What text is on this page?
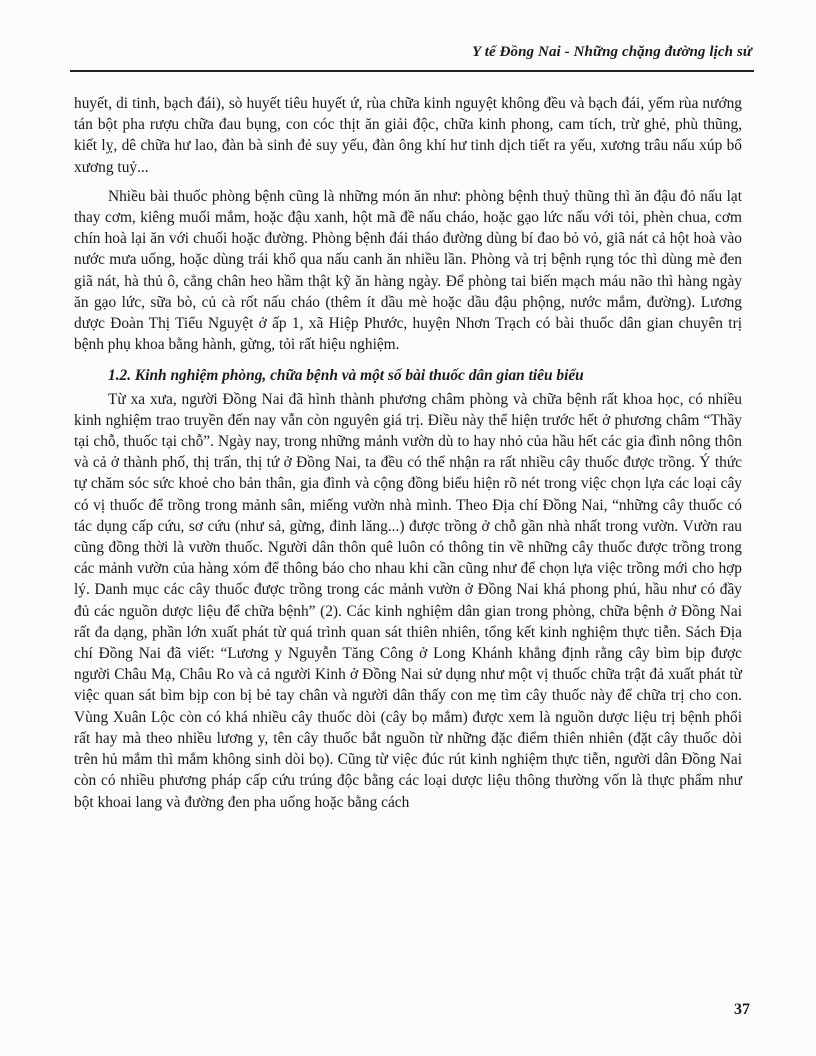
Y tế Đồng Nai - Những chặng đường lịch sử

huyết, di tinh, bạch đái), sò huyết tiêu huyết ứ, rùa chữa kinh nguyệt không đều và bạch đái, yếm rùa nướng tán bột pha rượu chữa đau bụng, con cóc thịt ăn giải độc, chữa kinh phong, cam tích, trừ ghẻ, phù thũng, kiết lỵ, dê chữa hư lao, đàn bà sinh đẻ suy yếu, đàn ông khí hư tinh dịch tiết ra yếu, xương trâu nấu xúp bổ xương tuỷ...

Nhiều bài thuốc phòng bệnh cũng là những món ăn như: phòng bệnh thuỷ thũng thì ăn đậu đỏ nấu lạt thay cơm, kiêng muối mắm, hoặc đậu xanh, hột mã đề nấu cháo, hoặc gạo lức nấu với tỏi, phèn chua, cơm chín hoà lại ăn với chuối hoặc đường. Phòng bệnh đái tháo đường dùng bí đao bỏ vỏ, giã nát cả hột hoà vào nước mưa uống, hoặc dùng trái khổ qua nấu canh ăn nhiều lần. Phòng và trị bệnh rụng tóc thì dùng mè đen giã nát, hà thủ ô, cẳng chân heo hầm thật kỹ ăn hàng ngày. Để phòng tai biến mạch máu não thì hàng ngày ăn gạo lức, sữa bò, củ cà rốt nấu cháo (thêm ít dầu mè hoặc dầu đậu phộng, nước mắm, đường). Lương dược Đoàn Thị Tiểu Nguyệt ở ấp 1, xã Hiệp Phước, huyện Nhơn Trạch có bài thuốc dân gian chuyên trị bệnh phụ khoa bằng hành, gừng, tỏi rất hiệu nghiệm.

1.2. Kinh nghiệm phòng, chữa bệnh và một số bài thuốc dân gian tiêu biểu

Từ xa xưa, người Đồng Nai đã hình thành phương châm phòng và chữa bệnh rất khoa học, có nhiều kinh nghiệm trao truyền đến nay vẫn còn nguyên giá trị. Điều này thể hiện trước hết ở phương châm “Thầy tại chỗ, thuốc tại chỗ”. Ngày nay, trong những mảnh vườn dù to hay nhỏ của hầu hết các gia đình nông thôn và cả ở thành phố, thị trấn, thị tứ ở Đồng Nai, ta đều có thể nhận ra rất nhiều cây thuốc được trồng. Ý thức tự chăm sóc sức khoẻ cho bản thân, gia đình và cộng đồng biểu hiện rõ nét trong việc chọn lựa các loại cây có vị thuốc để trồng trong mảnh sân, miếng vườn nhà mình. Theo Địa chí Đồng Nai, “những cây thuốc có tác dụng cấp cứu, sơ cứu (như sả, gừng, đinh lăng...) được trồng ở chỗ gần nhà nhất trong vườn. Vườn rau cũng đồng thời là vườn thuốc. Người dân thôn quê luôn có thông tin về những cây thuốc được trồng trong các mảnh vườn của hàng xóm để thông báo cho nhau khi cần cũng như để chọn lựa việc trồng mới cho hợp lý. Danh mục các cây thuốc được trồng trong các mảnh vườn ở Đồng Nai khá phong phú, hầu như có đầy đủ các nguồn dược liệu để chữa bệnh” (2). Các kinh nghiệm dân gian trong phòng, chữa bệnh ở Đồng Nai rất đa dạng, phần lớn xuất phát từ quá trình quan sát thiên nhiên, tổng kết kinh nghiệm thực tiễn. Sách Địa chí Đồng Nai đã viết: “Lương y Nguyễn Tăng Công ở Long Khánh khẳng định rằng cây bìm bịp được người Châu Mạ, Châu Ro và cả người Kinh ở Đồng Nai sử dụng như một vị thuốc chữa trật đả xuất phát từ việc quan sát bìm bịp con bị bẻ tay chân và người dân thấy con mẹ tìm cây thuốc này để chữa trị cho con. Vùng Xuân Lộc còn có khá nhiều cây thuốc dòi (cây bọ mắm) được xem là nguồn dược liệu trị bệnh phổi rất hay mà theo nhiều lương y, tên cây thuốc bắt nguồn từ những đặc điểm thiên nhiên (đặt cây thuốc dòi trên hủ mắm thì mắm không sinh dòi bọ). Cũng từ việc đúc rút kinh nghiệm thực tiễn, người dân Đồng Nai còn có nhiều phương pháp cấp cứu trúng độc bằng các loại dược liệu thông thường vốn là thực phẩm như bột khoai lang và đường đen pha uống hoặc bằng cách

37
